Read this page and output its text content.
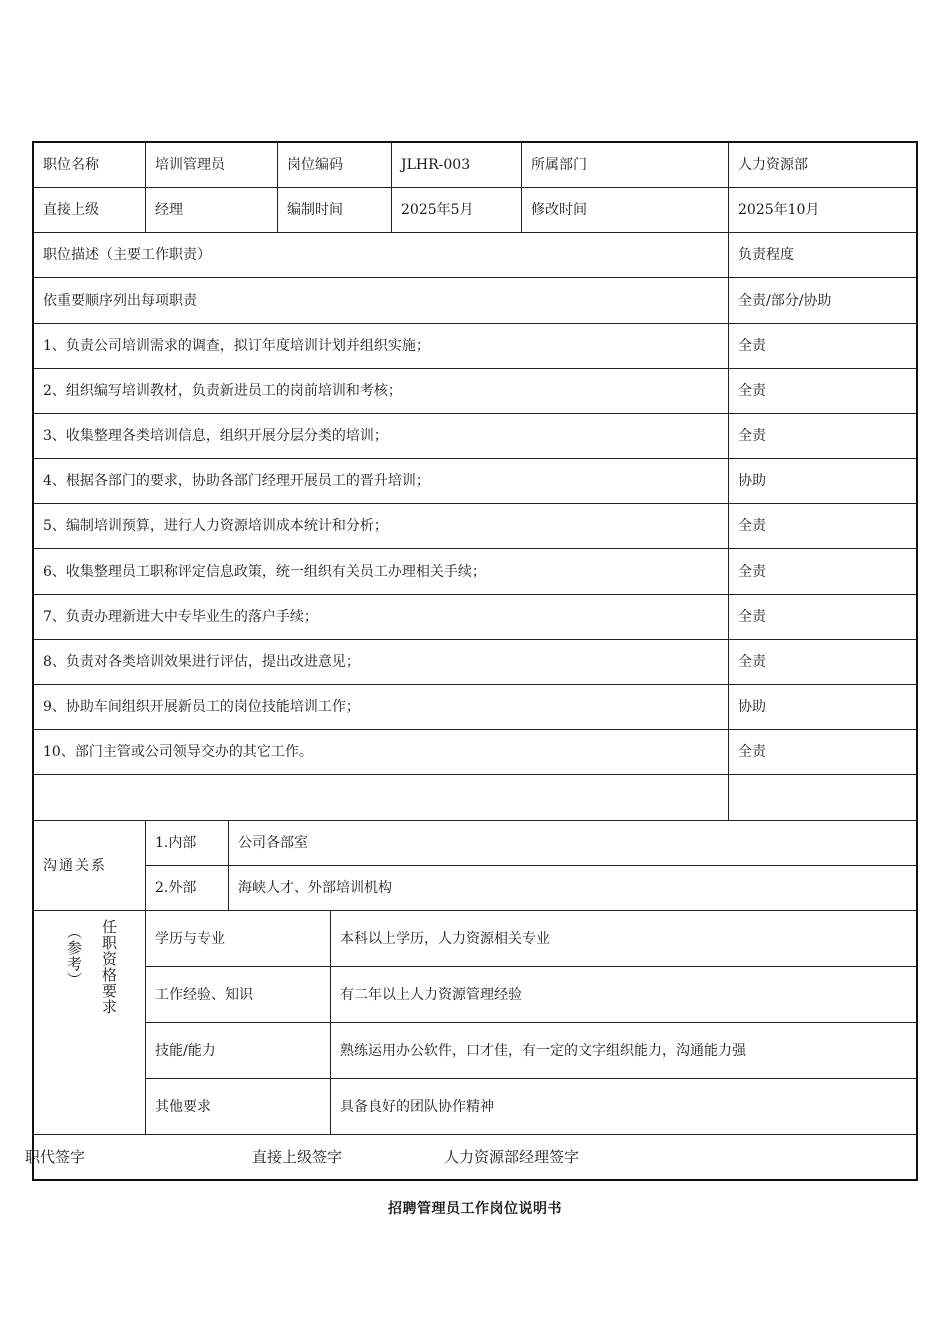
职位名称	培训管理员	岗位编码	JLHR-003	所属部门	人力资源部
直接上级	经理	编制时间	2025年5月	修改时间	2025年10月
职位描述（主要工作职责）	负责程度
依重要顺序列出每项职责	全责/部分/协助
1、负责公司培训需求的调查，拟订年度培训计划并组织实施；	全责
2、组织编写培训教材，负责新进员工的岗前培训和考核；	全责
3、收集整理各类培训信息，组织开展分层分类的培训；	全责
4、根据各部门的要求，协助各部门经理开展员工的晋升培训；	协助
5、编制培训预算，进行人力资源培训成本统计和分析；	全责
6、收集整理员工职称评定信息政策，统一组织有关员工办理相关手续；	全责
7、负责办理新进大中专毕业生的落户手续；	全责
8、负责对各类培训效果进行评估，提出改进意见；	全责
9、协助车间组织开展新员工的岗位技能培训工作；	协助
10、部门主管或公司领导交办的其它工作。	全责
沟通关系
1.内部	公司各部室
2.外部	海峡人才、外部培训机构
（参考） 任职资格要求	学历与专业	本科以上学历，人力资源相关专业
工作经验、知识	有二年以上人力资源管理经验
技能/能力	熟练运用办公软件，口才佳，有一定的文字组织能力，沟通能力强
其他要求	具备良好的团队协作精神
职代签字	直接上级签字	人力资源部经理签字
招聘管理员工作岗位说明书
